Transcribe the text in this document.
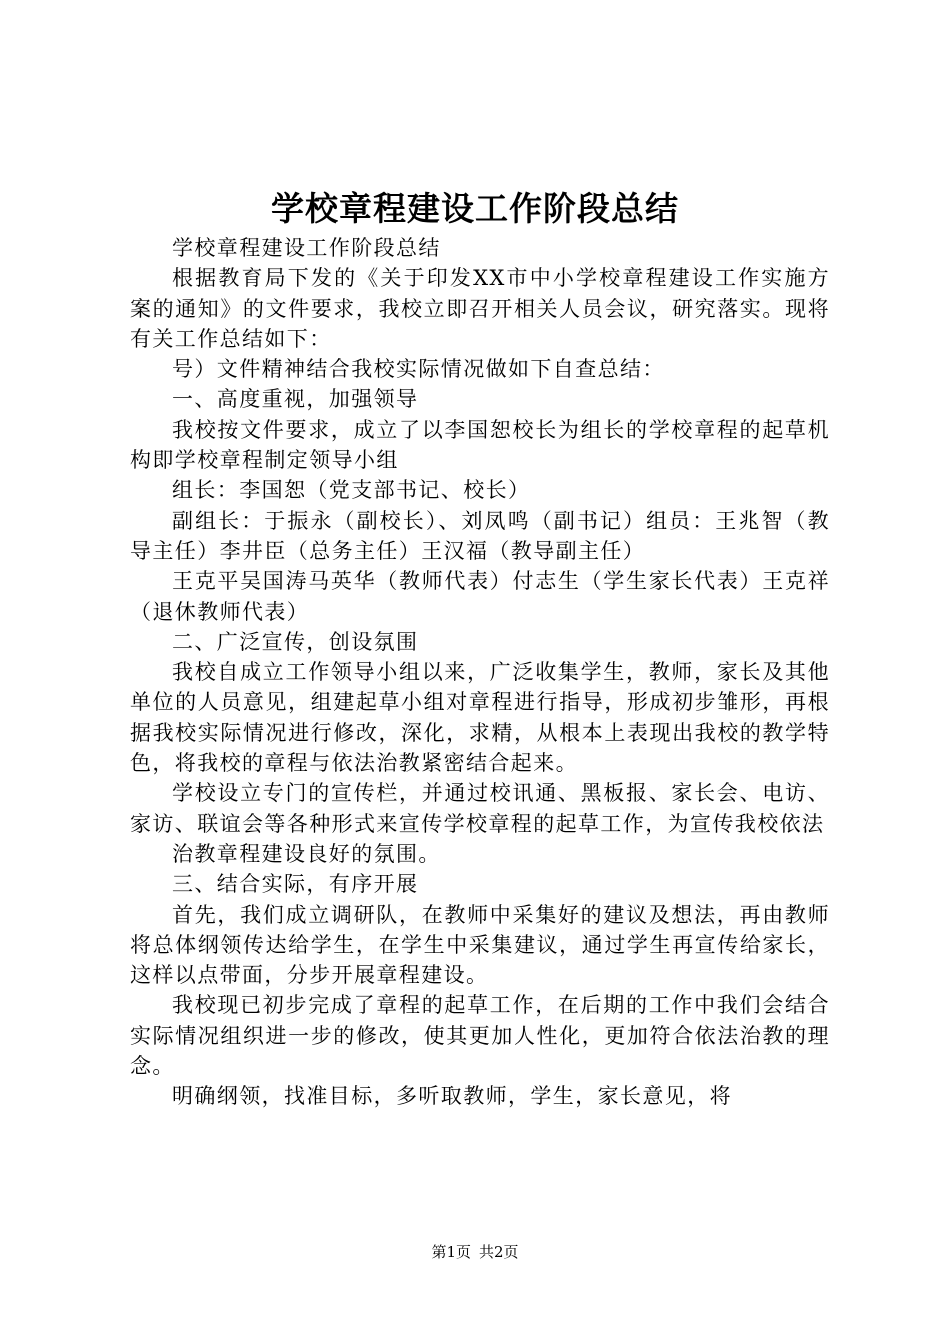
学校章程建设工作阶段总结

学校章程建设工作阶段总结

根据教育局下发的《关于印发XX市中小学校章程建设工作实施方案的通知》的文件要求，我校立即召开相关人员会议，研究落实。现将有关工作总结如下：

号）文件精神结合我校实际情况做如下自查总结：

一、高度重视，加强领导

我校按文件要求，成立了以李国恕校长为组长的学校章程的起草机构即学校章程制定领导小组

组长：李国恕（党支部书记、校长）

副组长：于振永（副校长）、刘凤鸣（副书记）组员：王兆智（教导主任）李井臣（总务主任）王汉福（教导副主任）

王克平吴国涛马英华（教师代表）付志生（学生家长代表）王克祥（退休教师代表）

二、广泛宣传，创设氛围

我校自成立工作领导小组以来，广泛收集学生，教师，家长及其他单位的人员意见，组建起草小组对章程进行指导，形成初步雏形，再根据我校实际情况进行修改，深化，求精，从根本上表现出我校的教学特色，将我校的章程与依法治教紧密结合起来。

学校设立专门的宣传栏，并通过校讯通、黑板报、家长会、电访、家访、联谊会等各种形式来宣传学校章程的起草工作，为宣传我校依法

治教章程建设良好的氛围。

三、结合实际，有序开展

首先，我们成立调研队，在教师中采集好的建议及想法，再由教师将总体纲领传达给学生，在学生中采集建议，通过学生再宣传给家长，这样以点带面，分步开展章程建设。

我校现已初步完成了章程的起草工作，在后期的工作中我们会结合实际情况组织进一步的修改，使其更加人性化，更加符合依法治教的理念。

明确纲领，找准目标，多听取教师，学生，家长意见，将

第1页 共2页
